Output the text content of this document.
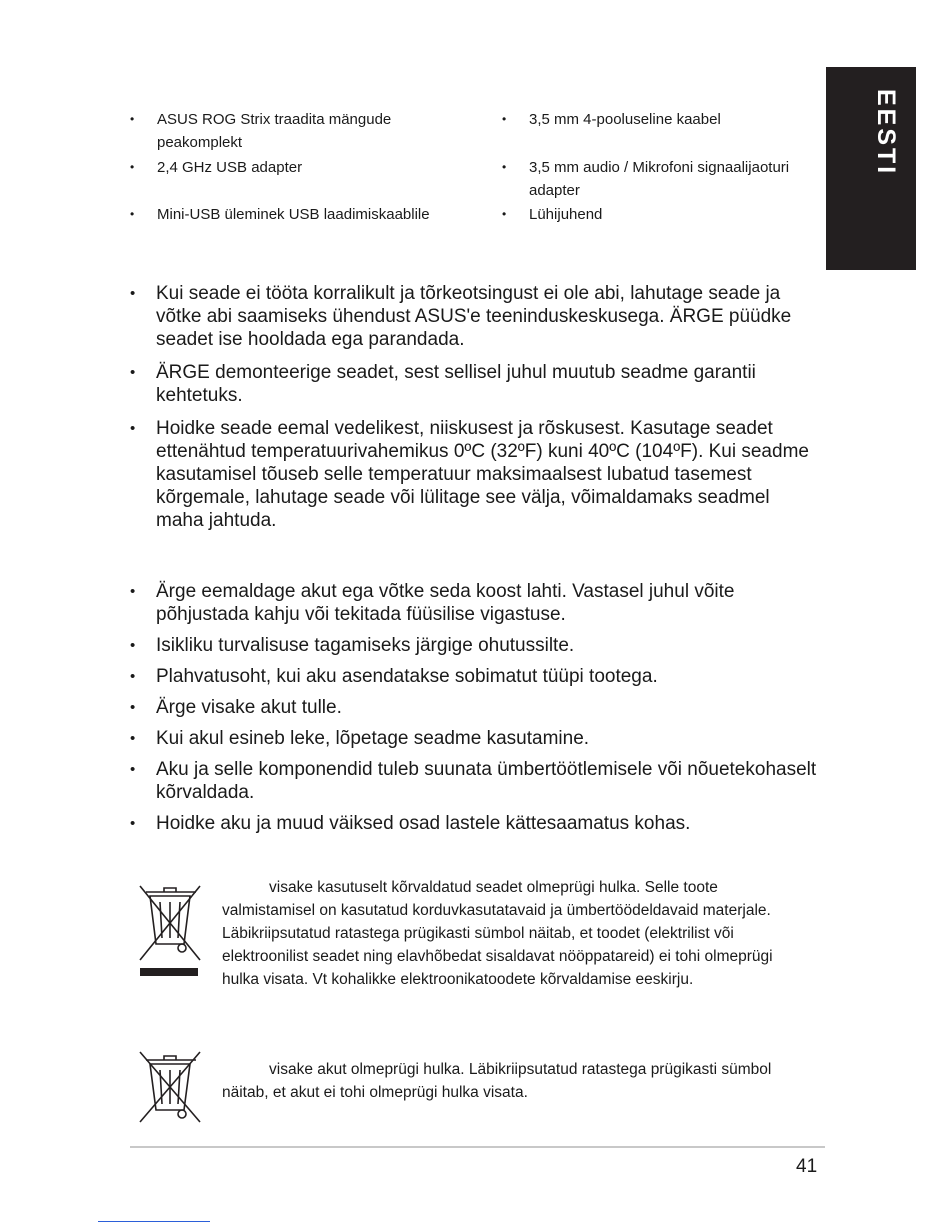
EESTI
• ASUS ROG Strix traadita mängude peakomplekt
• 3,5 mm 4-pooluseline kaabel
• 2,4 GHz USB adapter	• 3,5 mm audio / Mikrofoni signaalijaoturi adapter
• Mini-USB üleminek USB laadimiskaablile	• Lühijuhend
• Kui seade ei tööta korralikult ja tõrkeotsingust ei ole abi, lahutage seade ja võtke abi saamiseks ühendust ASUS'e teeninduskeskusega. ÄRGE püüdke seadet ise hooldada ega parandada.
• ÄRGE demonteerige seadet, sest sellisel juhul muutub seadme garantii kehtetuks.
• Hoidke seade eemal vedelikest, niiskusest ja rõskusest. Kasutage seadet ettenähtud temperatuurivahemikus 0ºC (32ºF) kuni 40ºC (104ºF). Kui seadme kasutamisel tõuseb selle temperatuur maksimaalsest lubatud tasemest kõrgemale, lahutage seade või lülitage see välja, võimaldamaks seadmel maha jahtuda.
• Ärge eemaldage akut ega võtke seda koost lahti. Vastasel juhul võite põhjustada kahju või tekitada füüsilise vigastuse.
• Isikliku turvalisuse tagamiseks järgige ohutussilte.
• Plahvatusoht, kui aku asendatakse sobimatut tüüpi tootega.
• Ärge visake akut tulle.
• Kui akul esineb leke, lõpetage seadme kasutamine.
• Aku ja selle komponendid tuleb suunata ümbertöötlemisele või nõuetekohaselt kõrvaldada.
• Hoidke aku ja muud väiksed osad lastele kättesaamatus kohas.
visake kasutuselt kõrvaldatud seadet olmeprügi hulka. Selle toote valmistamisel on kasutatud korduvkasutatavaid ja ümbertöödeldavaid materjale. Läbikriipsutatud ratastega prügikasti sümbol näitab, et toodet (elektrilist või elektroonilist seadet ning elavhõbedat sisaldavat nööppatareid) ei tohi olmeprügi hulka visata. Vt kohalikke elektroonikatoodete kõrvaldamise eeskirju.
visake akut olmeprügi hulka. Läbikriipsutatud ratastega prügikasti sümbol näitab, et akut ei tohi olmeprügi hulka visata.
41
